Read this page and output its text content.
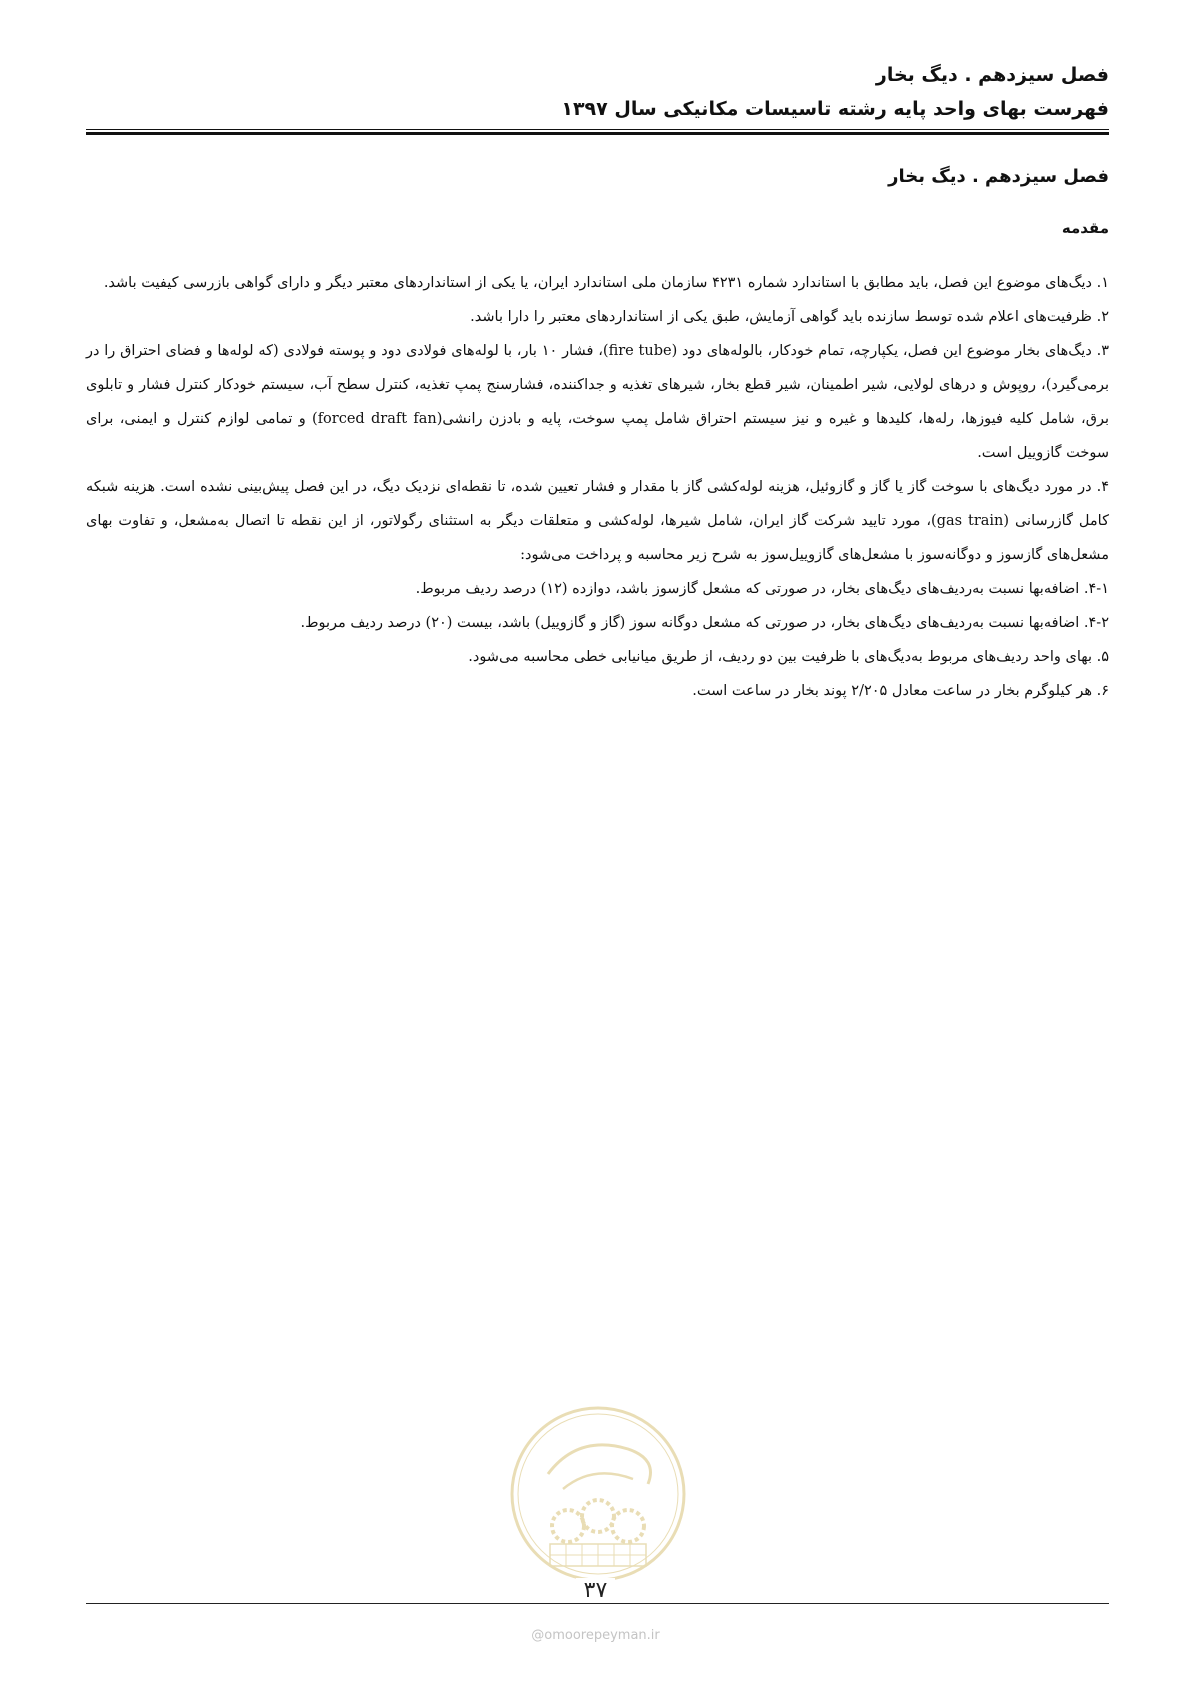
فصل سیزدهم . دیگ بخار
فهرست بهای واحد پایه رشته تاسیسات مکانیکی سال ۱۳۹۷
فصل سیزدهم . دیگ بخار
مقدمه

۱. دیگ‌های موضوع این فصل، باید مطابق با استاندارد شماره ۴۲۳۱ سازمان ملی استاندارد ایران، یا یکی از استانداردهای معتبر دیگر و دارای گواهی بازرسی کیفیت باشد.

۲. ظرفیت‌های اعلام شده توسط سازنده باید گواهی آزمایش، طبق یکی از استانداردهای معتبر را دارا باشد.

۳. دیگ‌های بخار موضوع این فصل، یکپارچه، تمام خودکار، بالوله‌های دود (fire tube)، فشار ۱۰ بار، با لوله‌های فولادی دود و پوسته فولادی (که لوله‌ها و فضای احتراق را در برمی‌گیرد)، روپوش و درهای لولایی، شیر اطمینان، شیر قطع بخار، شیرهای تغذیه و جداکننده، فشارسنج پمپ تغذیه، کنترل سطح آب، سیستم خودکار کنترل فشار و تابلوی برق، شامل کلیه فیوزها، رله‌ها، کلیدها و غیره و نیز سیستم احتراق شامل پمپ سوخت، پایه و بادزن رانشی(forced draft fan) و تمامی لوازم کنترل و ایمنی، برای سوخت گازوییل است.

۴. در مورد دیگ‌های با سوخت گاز یا گاز و گازوئیل، هزینه لوله‌کشی گاز با مقدار و فشار تعیین شده، تا نقطه‌ای نزدیک دیگ، در این فصل پیش‌بینی نشده است. هزینه شبکه کامل گازرسانی (gas train)، مورد تایید شرکت گاز ایران، شامل شیرها، لوله‌کشی و متعلقات دیگر به استثنای رگولاتور، از این نقطه تا اتصال به‌مشعل، و تفاوت بهای مشعل‌های گازسوز و دوگانه‌سوز با مشعل‌های گازوییل‌سوز به شرح زیر محاسبه و پرداخت می‌شود:

۴-۱. اضافه‌بها نسبت به‌ردیف‌های دیگ‌های بخار، در صورتی که مشعل گازسوز باشد، دوازده (۱۲) درصد ردیف مربوط.

۴-۲. اضافه‌بها نسبت به‌ردیف‌های دیگ‌های بخار، در صورتی که مشعل دوگانه سوز (گاز و گازوییل) باشد، بیست (۲۰) درصد ردیف مربوط.

۵. بهای واحد ردیف‌های مربوط به‌دیگ‌های با ظرفیت بین دو ردیف، از طریق میانیابی خطی محاسبه می‌شود.

۶. هر کیلوگرم بخار در ساعت معادل ۲/۲۰۵ پوند بخار در ساعت است.

۳۷
@omoorepeyman.ir
